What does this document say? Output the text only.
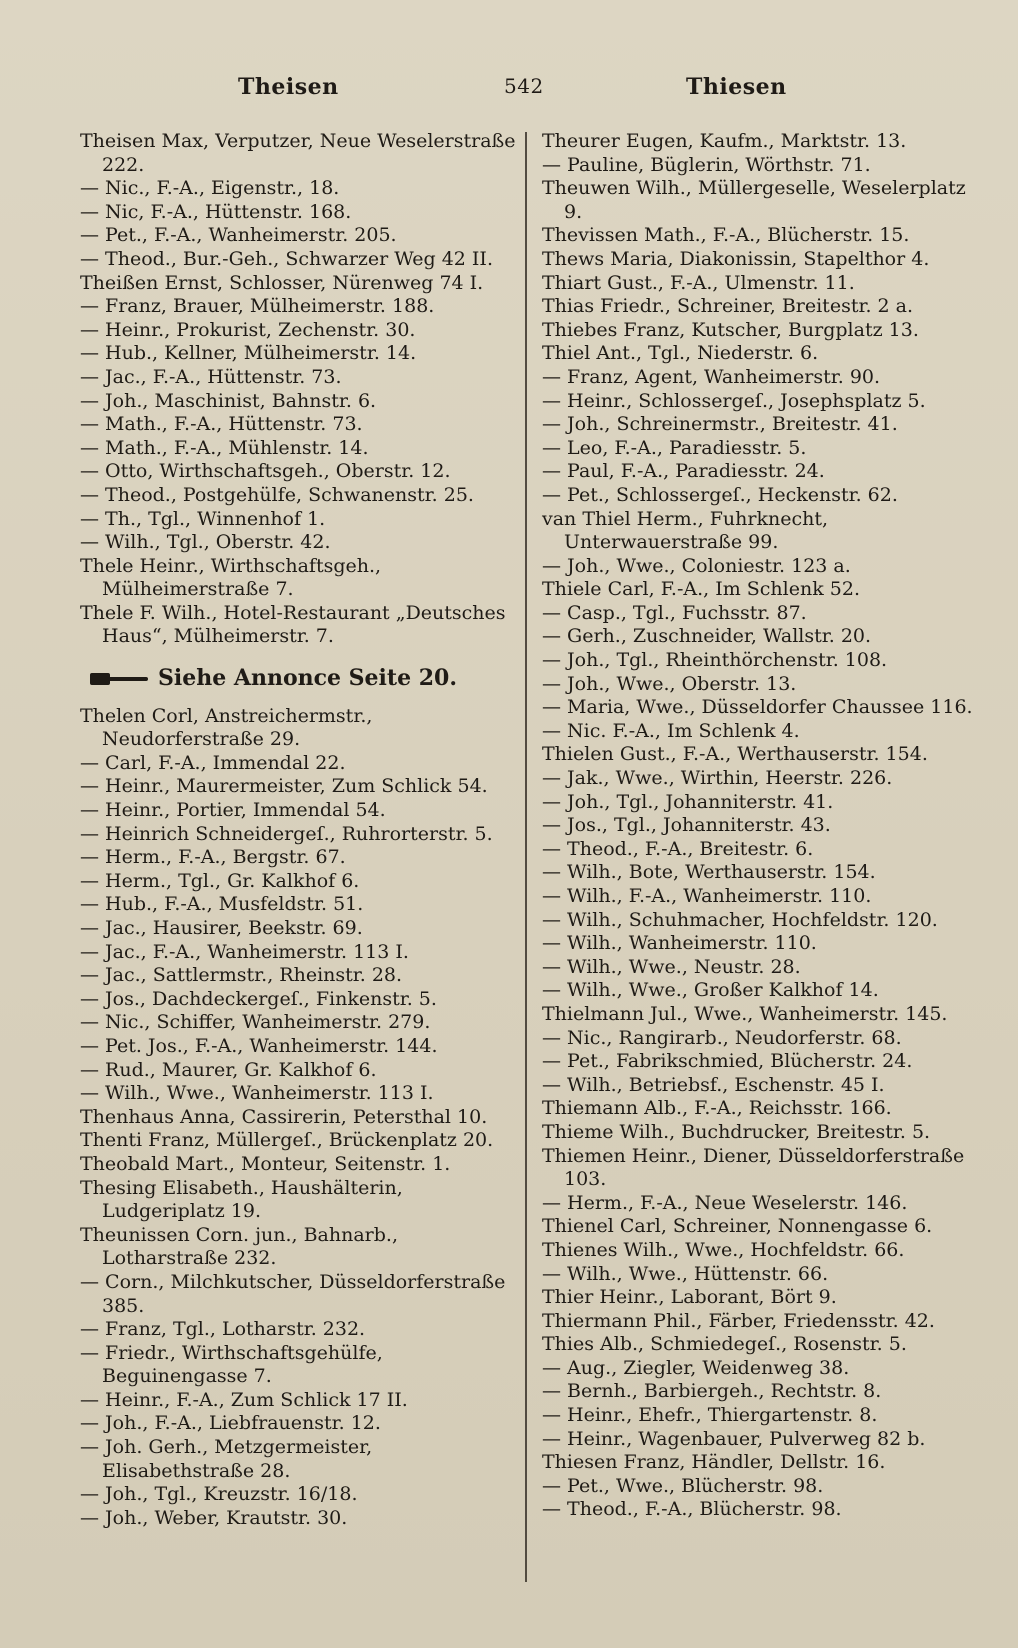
Theisen	542	Thiesen

Theisen Max, Verputzer, Neue Weselerstraße 222.

— Nic., F.-A., Eigenstr., 18.

— Nic, F.-A., Hüttenstr. 168.

— Pet., F.-A., Wanheimerstr. 205.

— Theod., Bur.-Geh., Schwarzer Weg 42 II.

Theißen Ernst, Schlosser, Nürenweg 74 I.

— Franz, Brauer, Mülheimerstr. 188.

— Heinr., Prokurist, Zechenstr. 30.

— Hub., Kellner, Mülheimerstr. 14.

— Jac., F.-A., Hüttenstr. 73.

— Joh., Maschinist, Bahnstr. 6.

— Math., F.-A., Hüttenstr. 73.

— Math., F.-A., Mühlenstr. 14.

— Otto, Wirthschaftsgeh., Oberstr. 12.

— Theod., Postgehülfe, Schwanenstr. 25.

— Th., Tgl., Winnenhof 1.

— Wilh., Tgl., Oberstr. 42.

Thele Heinr., Wirthschaftsgeh., Mülheimerstraße 7.

Thele F. Wilh., Hotel-Restaurant „Deutsches Haus“, Mülheimerstr. 7.

Siehe Annonce Seite 20.

Thelen Corl, Anstreichermstr., Neudorferstraße 29.

— Carl, F.-A., Immendal 22.

— Heinr., Maurermeister, Zum Schlick 54.

— Heinr., Portier, Immendal 54.

— Heinrich Schneidergeſ., Ruhrorterstr. 5.

— Herm., F.-A., Bergstr. 67.

— Herm., Tgl., Gr. Kalkhof 6.

— Hub., F.-A., Musfeldstr. 51.

— Jac., Hausirer, Beekstr. 69.

— Jac., F.-A., Wanheimerstr. 113 I.

— Jac., Sattlermstr., Rheinstr. 28.

— Jos., Dachdeckergeſ., Finkenstr. 5.

— Nic., Schiffer, Wanheimerstr. 279.

— Pet. Jos., F.-A., Wanheimerstr. 144.

— Rud., Maurer, Gr. Kalkhof 6.

— Wilh., Wwe., Wanheimerstr. 113 I.

Thenhaus Anna, Cassirerin, Petersthal 10.

Thenti Franz, Müllergeſ., Brückenplatz 20.

Theobald Mart., Monteur, Seitenstr. 1.

Thesing Elisabeth., Haushälterin, Ludgeriplatz 19.

Theunissen Corn. jun., Bahnarb., Lotharstraße 232.

— Corn., Milchkutscher, Düsseldorferstraße 385.

— Franz, Tgl., Lotharstr. 232.

— Friedr., Wirthschaftsgehülfe, Beguinengasse 7.

— Heinr., F.-A., Zum Schlick 17 II.

— Joh., F.-A., Liebfrauenstr. 12.

— Joh. Gerh., Metzgermeister, Elisabethstraße 28.

— Joh., Tgl., Kreuzstr. 16/18.

— Joh., Weber, Krautstr. 30.

Theurer Eugen, Kaufm., Marktstr. 13.

— Pauline, Büglerin, Wörthstr. 71.

Theuwen Wilh., Müllergeselle, Weselerplatz 9.

Thevissen Math., F.-A., Blücherstr. 15.

Thews Maria, Diakonissin, Stapelthor 4.

Thiart Gust., F.-A., Ulmenstr. 11.

Thias Friedr., Schreiner, Breitestr. 2 a.

Thiebes Franz, Kutscher, Burgplatz 13.

Thiel Ant., Tgl., Niederstr. 6.

— Franz, Agent, Wanheimerstr. 90.

— Heinr., Schlossergeſ., Josephsplatz 5.

— Joh., Schreinermstr., Breitestr. 41.

— Leo, F.-A., Paradiesstr. 5.

— Paul, F.-A., Paradiesstr. 24.

— Pet., Schlossergeſ., Heckenstr. 62.

van Thiel Herm., Fuhrknecht, Unterwauerstraße 99.

— Joh., Wwe., Coloniestr. 123 a.

Thiele Carl, F.-A., Im Schlenk 52.

— Casp., Tgl., Fuchsstr. 87.

— Gerh., Zuschneider, Wallstr. 20.

— Joh., Tgl., Rheinthörchenstr. 108.

— Joh., Wwe., Oberstr. 13.

— Maria, Wwe., Düsseldorfer Chaussee 116.

— Nic. F.-A., Im Schlenk 4.

Thielen Gust., F.-A., Werthauserstr. 154.

— Jak., Wwe., Wirthin, Heerstr. 226.

— Joh., Tgl., Johanniterstr. 41.

— Jos., Tgl., Johanniterstr. 43.

— Theod., F.-A., Breitestr. 6.

— Wilh., Bote, Werthauserstr. 154.

— Wilh., F.-A., Wanheimerstr. 110.

— Wilh., Schuhmacher, Hochfeldstr. 120.

— Wilh., Wanheimerstr. 110.

— Wilh., Wwe., Neustr. 28.

— Wilh., Wwe., Großer Kalkhof 14.

Thielmann Jul., Wwe., Wanheimerstr. 145.

— Nic., Rangirarb., Neudorferstr. 68.

— Pet., Fabrikschmied, Blücherstr. 24.

— Wilh., Betriebsf., Eschenstr. 45 I.

Thiemann Alb., F.-A., Reichsstr. 166.

Thieme Wilh., Buchdrucker, Breitestr. 5.

Thiemen Heinr., Diener, Düsseldorferstraße 103.

— Herm., F.-A., Neue Weselerstr. 146.

Thienel Carl, Schreiner, Nonnengasse 6.

Thienes Wilh., Wwe., Hochfeldstr. 66.

— Wilh., Wwe., Hüttenstr. 66.

Thier Heinr., Laborant, Bört 9.

Thiermann Phil., Färber, Friedensstr. 42.

Thies Alb., Schmiedegeſ., Rosenstr. 5.

— Aug., Ziegler, Weidenweg 38.

— Bernh., Barbiergeh., Rechtstr. 8.

— Heinr., Ehefr., Thiergartenstr. 8.

— Heinr., Wagenbauer, Pulverweg 82 b.

Thiesen Franz, Händler, Dellstr. 16.

— Pet., Wwe., Blücherstr. 98.

— Theod., F.-A., Blücherstr. 98.
